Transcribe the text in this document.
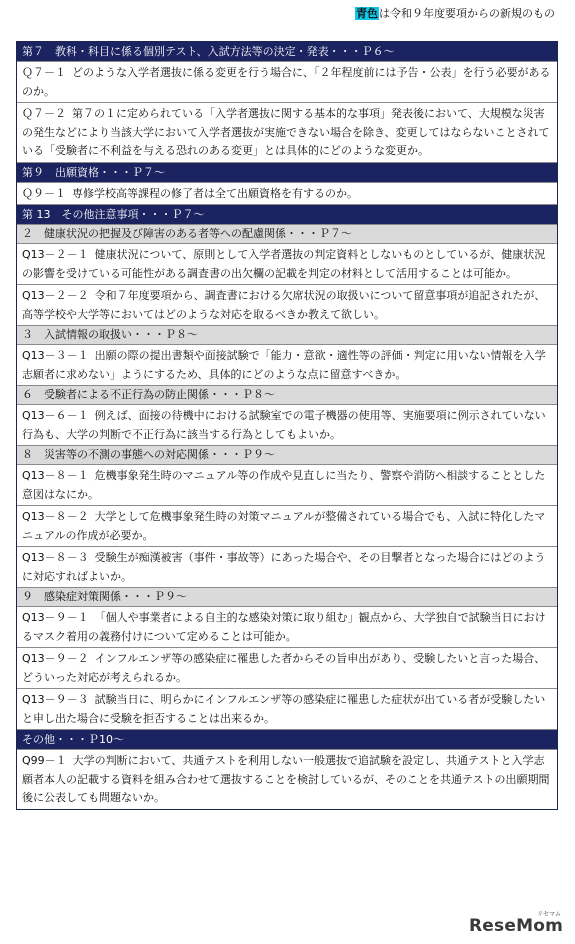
青色は令和９年度要項からの新規のもの
第７　教科・科目に係る個別テスト、入試方法等の決定・発表・・・Ｐ６～
Ｑ７－１ どのような入学者選抜に係る変更を行う場合に、「２年程度前には予告・公表」を行う必要があるのか。
Ｑ７－２ 第７の１に定められている「入学者選抜に関する基本的な事項」発表後において、大規模な災害の発生などにより当該大学において入学者選抜が実施できない場合を除き、変更してはならないことされている「受験者に不利益を与える恐れのある変更」とは具体的にどのような変更か。
第９　出願資格・・・Ｐ７～
Ｑ９－１ 専修学校高等課程の修了者は全て出願資格を有するのか。
第 13　その他注意事項・・・Ｐ７～
２　健康状況の把握及び障害のある者等への配慮関係・・・Ｐ７～
Q13－２－１ 健康状況について、原則として入学者選抜の判定資料としないものとしているが、健康状況の影響を受けている可能性がある調査書の出欠欄の記載を判定の材料として活用することは可能か。
Q13－２－２ 令和７年度要項から、調査書における欠席状況の取扱いについて留意事項が追記されたが、高等学校や大学等においてはどのような対応を取るべきか教えて欲しい。
３　入試情報の取扱い・・・Ｐ８～
Q13－３－１ 出願の際の提出書類や面接試験で「能力・意欲・適性等の評価・判定に用いない情報を入学志願者に求めない」ようにするため、具体的にどのような点に留意すべきか。
６　受験者による不正行為の防止関係・・・Ｐ８～
Q13－６－１ 例えば、面接の待機中における試験室での電子機器の使用等、実施要項に例示されていない行為も、大学の判断で不正行為に該当する行為としてもよいか。
８　災害等の不測の事態への対応関係・・・Ｐ９～
Q13－８－１ 危機事象発生時のマニュアル等の作成や見直しに当たり、警察や消防へ相談することとした意図はなにか。
Q13－８－２ 大学として危機事象発生時の対策マニュアルが整備されている場合でも、入試に特化したマニュアルの作成が必要か。
Q13－８－３ 受験生が痴漢被害（事件・事故等）にあった場合や、その目撃者となった場合にはどのように対応すればよいか。
９　感染症対策関係・・・Ｐ９～
Q13－９－１ 「個人や事業者による自主的な感染対策に取り組む」観点から、大学独自で試験当日におけるマスク着用の義務付けについて定めることは可能か。
Q13－９－２ インフルエンザ等の感染症に罹患した者からその旨申出があり、受験したいと言った場合、どういった対応が考えられるか。
Q13－９－３ 試験当日に、明らかにインフルエンザ等の感染症に罹患した症状が出ている者が受験したいと申し出た場合に受験を拒否することは出来るか。
その他・・・Ｐ10～
Q99－１ 大学の判断において、共通テストを利用しない一般選抜で追試験を設定し、共通テストと入学志願者本人の記載する資料を組み合わせて選抜することを検討しているが、そのことを共通テストの出願期間後に公表しても問題ないか。
リセマム
ReseMom
